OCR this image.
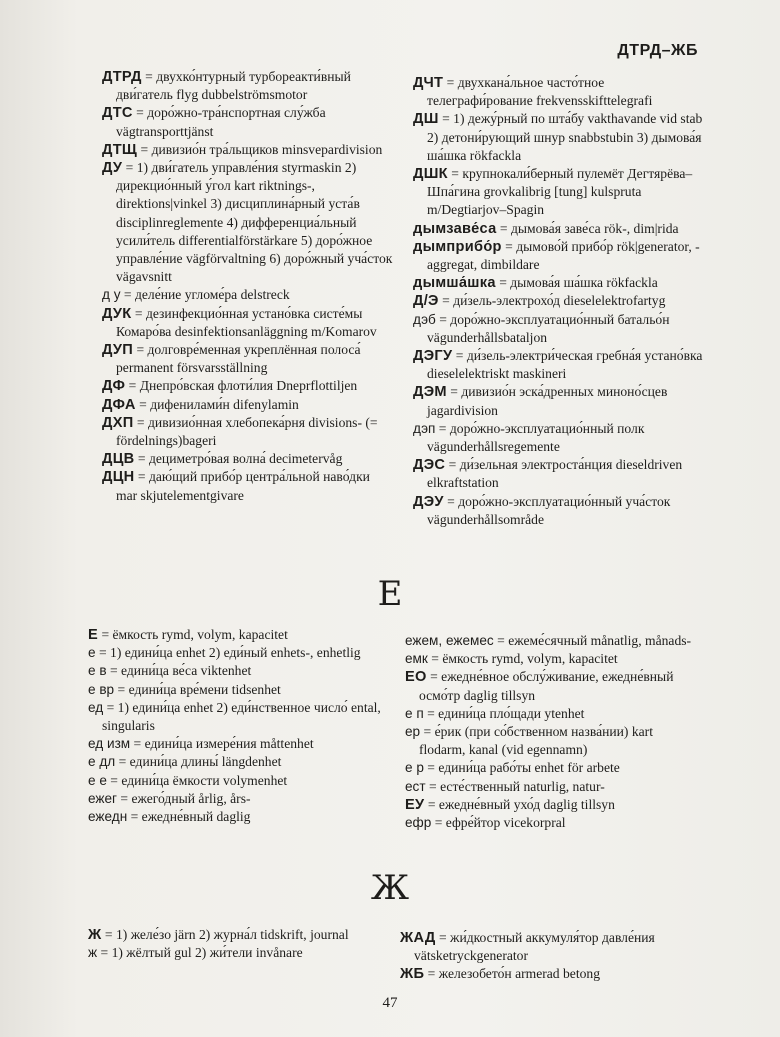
ДТРД–ЖБ
ДТРД = двухко́нтурный турбореакти́вный дви́гатель flyg dubbelströmsmotor
ДТС = доро́жно-тра́нспортная слу́жба vägtransporttjänst
ДТЩ = дивизио́н тра́льщиков minsvepardivision
ДУ = 1) дви́гатель управле́ния styrmaskin 2) дирекцио́нный у́гол kart riktnings-, direktions|vinkel 3) дисциплина́рный уста́в disciplinreglemente 4) дифференциа́льный усили́тель differentialförstärkare 5) доро́жное управле́ние vägförvaltning 6) доро́жный уча́сток vägavsnitt
д у = деле́ние угломе́ра delstreck
ДУК = дезинфекцио́нная устано́вка систе́мы Комаро́ва desinfektionsanläggning m/Komarov
ДУП = долговре́менная укреплённая полоса́ permanent försvarsställning
ДФ = Днепро́вская флоти́лия Dneprflottiljen
ДФА = дифенилами́н difenylamin
ДХП = дивизио́нная хлебопека́рня divisions- (= fördelnings)bageri
ДЦВ = дециметро́вая волна́ decimetervåg
ДЦН = даю́щий прибо́р центра́льной наво́дки mar skjutelementgivare
ДЧТ = двухкана́льное часто́тное телеграфи́рование frekvensskifttelegrafi
ДШ = 1) дежу́рный по шта́бу vakthavande vid stab 2) детони́рующий шнур snabbstubin 3) дымова́я ша́шка rökfackla
ДШК = крупнокали́берный пулемёт Дегтярёва–Шпа́гина grovkalibrig [tung] kulspruta m/Degtiarjov–Spagin
дымзаве́са = дымова́я заве́са rök-, dim|rida
дымприбо́р = дымово́й прибо́р rök|generator, -aggregat, dimbildare
дымша́шка = дымова́я ша́шка rökfackla
Д/Э = ди́зель-электрохо́д dieselelektrofartyg
дэб = доро́жно-эксплуатацио́нный батальо́н vägunderhållsbataljon
ДЭГУ = ди́зель-электри́ческая гребна́я устано́вка dieselelektriskt maskineri
ДЭМ = дивизио́н эска́дренных миноно́сцев jagardivision
дэп = доро́жно-эксплуатацио́нный полк vägunderhållsregemente
ДЭС = ди́зельная электроста́нция dieseldriven elkraftstation
ДЭУ = доро́жно-эксплуатацио́нный уча́сток vägunderhållsområde
Е
Е = ёмкость rymd, volym, kapacitet
е = 1) едини́ца enhet 2) еди́ный enhets-, enhetlig
е в = едини́ца ве́са viktenhet
е вр = едини́ца вре́мени tidsenhet
ед = 1) едини́ца enhet 2) еди́нственное число́ ental, singularis
ед изм = едини́ца измере́ния måttenhet
е дл = едини́ца длины́ längdenhet
е е = едини́ца ёмкости volymenhet
ежег = ежего́дный årlig, års-
ежедн = ежедне́вный daglig
ежем, ежемес = ежеме́сячный månatlig, månads-
емк = ёмкость rymd, volym, kapacitet
ЕО = ежедне́вное обслу́живание, ежедне́вный осмо́тр daglig tillsyn
е п = едини́ца пло́щади ytenhet
ер = е́рик (при со́бственном назва́нии) kart flodarm, kanal (vid egennamn)
е р = едини́ца рабо́ты enhet för arbete
ест = есте́ственный naturlig, natur-
ЕУ = ежедне́вный ухо́д daglig tillsyn
ефр = ефре́йтор vicekorpral
Ж
Ж = 1) желе́зо järn 2) журна́л tidskrift, journal
ж = 1) жёлтый gul 2) жи́тели invånare
ЖАД = жи́дкостный аккумуля́тор давле́ния vätsketryckgenerator
ЖБ = железобето́н armerad betong
47
